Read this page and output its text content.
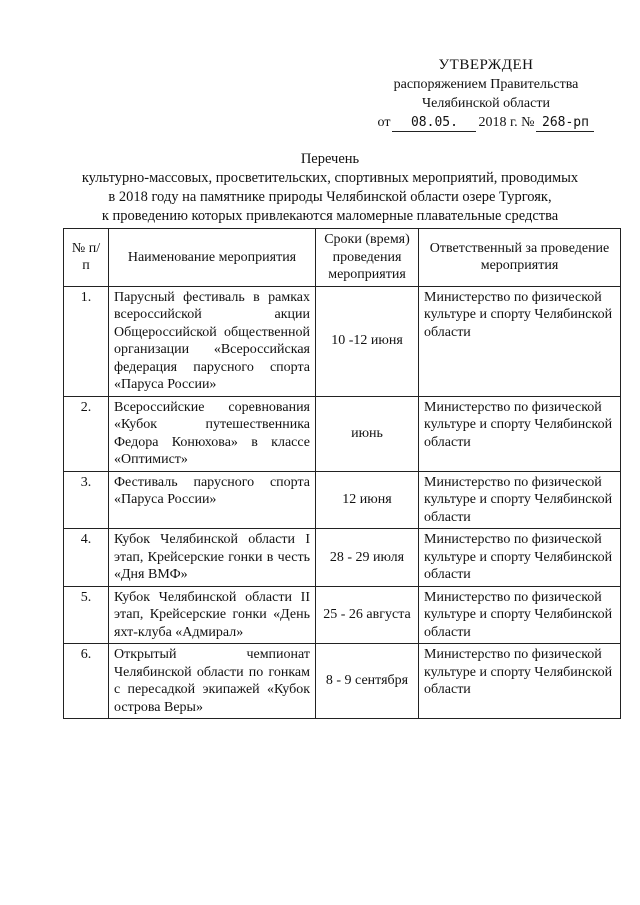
УТВЕРЖДЕН
распоряжением Правительства
Челябинской области
от	08.05.	2018 г. № 268-рп
Перечень
культурно-массовых, просветительских, спортивных мероприятий, проводимых
в 2018 году на памятнике природы Челябинской области озере Тургояк,
к проведению которых привлекаются маломерные плавательные средства
№ п/п	Наименование мероприятия	Сроки (время) проведения мероприятия	Ответственный за проведение мероприятия
1.	Парусный фестиваль в рамках всероссийской акции Общероссийской общественной организации «Всероссийская федерация парусного спорта «Паруса России»	10 -12 июня	Министерство по физической культуре и спорту Челябинской области
2.	Всероссийские соревнования «Кубок путешественника Федора Конюхова» в классе «Оптимист»	июнь	Министерство по физической культуре и спорту Челябинской области
3.	Фестиваль парусного спорта «Паруса России»	12 июня	Министерство по физической культуре и спорту Челябинской области
4.	Кубок Челябинской области I этап, Крейсерские гонки в честь «Дня ВМФ»	28 - 29 июля	Министерство по физической культуре и спорту Челябинской области
5.	Кубок Челябинской области II этап, Крейсерские гонки «День яхт-клуба «Адмирал»	25 - 26 августа	Министерство по физической культуре и спорту Челябинской области
6.	Открытый чемпионат Челябинской области по гонкам с пересадкой экипажей «Кубок острова Веры»	8 - 9 сентября	Министерство по физической культуре и спорту Челябинской области
